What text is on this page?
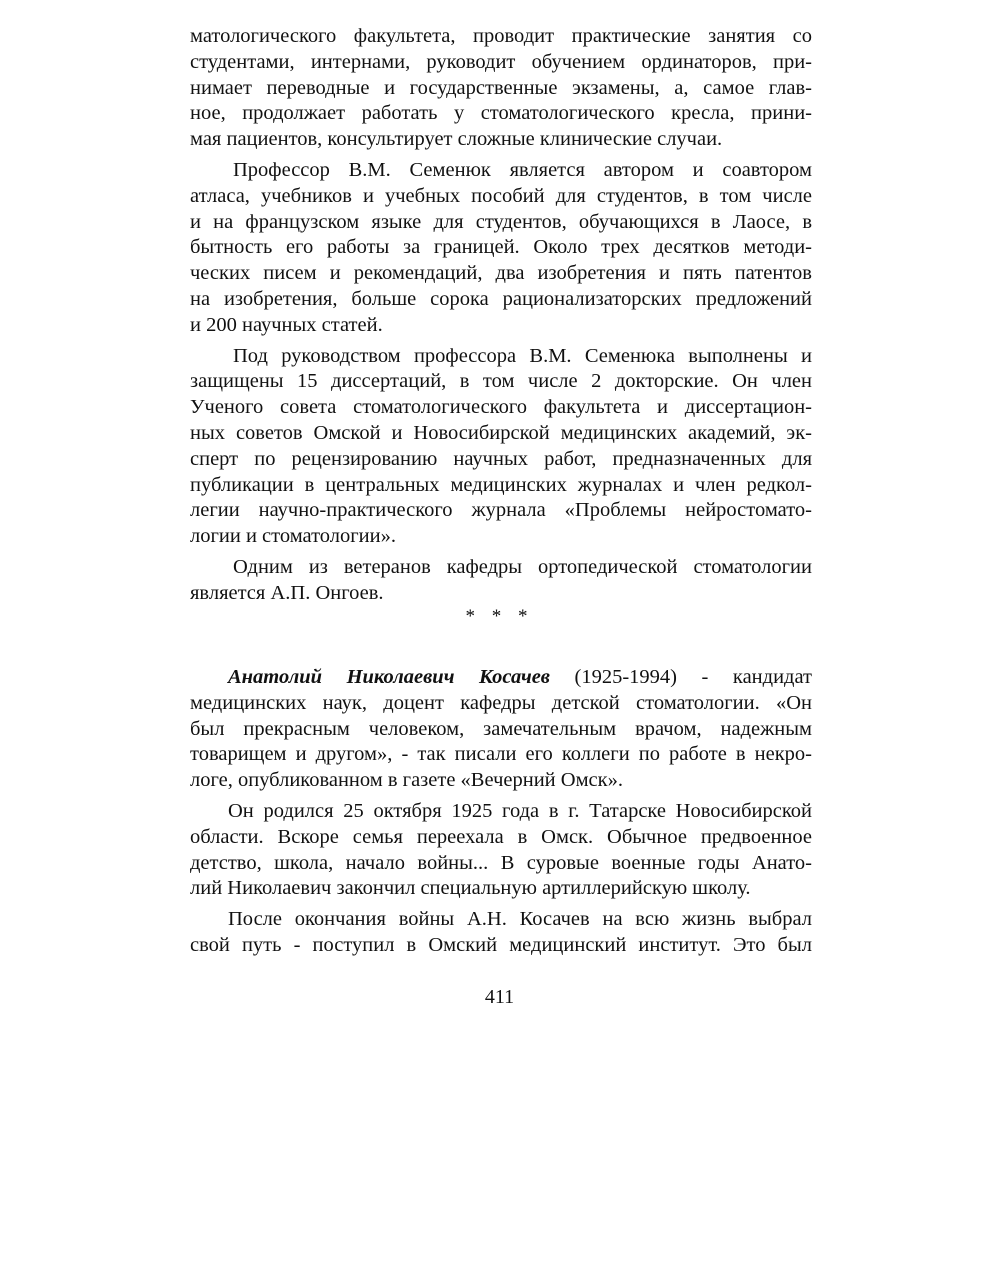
матологического факультета, проводит практические занятия со
студентами, интернами, руководит обучением ординаторов, при-
нимает переводные и государственные экзамены, а, самое глав-
ное, продолжает работать у стоматологического кресла, прини-
мая пациентов, консультирует сложные клинические случаи.
Профессор В.М. Семенюк является автором и соавтором
атласа, учебников и учебных пособий для студентов, в том числе
и на французском языке для студентов, обучающихся в Лаосе, в
бытность его работы за границей. Около трех десятков методи-
ческих писем и рекомендаций, два изобретения и пять патентов
на изобретения, больше сорока рационализаторских предложений
и 200 научных статей.
Под руководством профессора В.М. Семенюка выполнены и
защищены 15 диссертаций, в том числе 2 докторские. Он член
Ученого совета стоматологического факультета и диссертацион-
ных советов Омской и Новосибирской медицинских академий, эк-
сперт по рецензированию научных работ, предназначенных для
публикации в центральных медицинских журналах и член редкол-
легии научно-практического журнала «Проблемы нейростомато-
логии и стоматологии».
Одним из ветеранов кафедры ортопедической стоматологии
является А.П. Онгоев.
* * *
Анатолий Николаевич Косачев (1925-1994) - кандидат
медицинских наук, доцент кафедры детской стоматологии. «Он
был прекрасным человеком, замечательным врачом, надежным
товарищем и другом», - так писали его коллеги по работе в некро-
логе, опубликованном в газете «Вечерний Омск».
Он родился 25 октября 1925 года в г. Татарске Новосибирской
области. Вскоре семья переехала в Омск. Обычное предвоенное
детство, школа, начало войны... В суровые военные годы Анато-
лий Николаевич закончил специальную артиллерийскую школу.
После окончания войны А.Н. Косачев на всю жизнь выбрал
свой путь - поступил в Омский медицинский институт. Это был
411
